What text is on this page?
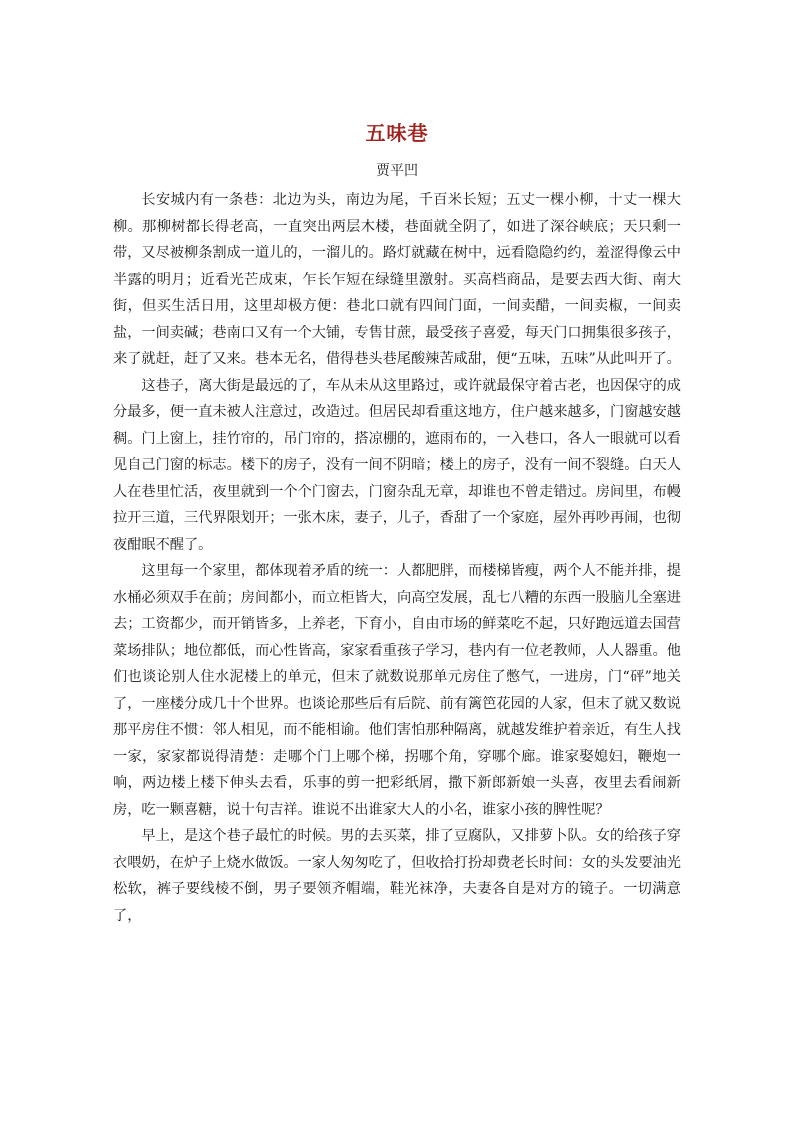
五味巷
贾平凹

长安城内有一条巷：北边为头，南边为尾，千百米长短；五丈一棵小柳，十丈一棵大柳。那柳树都长得老高，一直突出两层木楼，巷面就全阴了，如进了深谷峡底；天只剩一带，又尽被柳条割成一道儿的，一溜儿的。路灯就藏在树中，远看隐隐约约，羞涩得像云中半露的明月；近看光芒成束，乍长乍短在绿缝里激射。买高档商品，是要去西大街、南大街，但买生活日用，这里却极方便：巷北口就有四间门面，一间卖醋，一间卖椒，一间卖盐，一间卖碱；巷南口又有一个大铺，专售甘蔗，最受孩子喜爱，每天门口拥集很多孩子，来了就赶，赶了又来。巷本无名，借得巷头巷尾酸辣苦咸甜，便“五味，五味”从此叫开了。

这巷子，离大街是最远的了，车从未从这里路过，或许就最保守着古老，也因保守的成分最多，便一直未被人注意过，改造过。但居民却看重这地方，住户越来越多，门窗越安越稠。门上窗上，挂竹帘的，吊门帘的，搭凉棚的，遮雨布的，一入巷口，各人一眼就可以看见自己门窗的标志。楼下的房子，没有一间不阴暗；楼上的房子，没有一间不裂缝。白天人人在巷里忙活，夜里就到一个个门窗去，门窗杂乱无章，却谁也不曾走错过。房间里，布幔拉开三道，三代界限划开；一张木床，妻子，儿子，香甜了一个家庭，屋外再吵再闹，也彻夜酣眠不醒了。

这里每一个家里，都体现着矛盾的统一：人都肥胖，而楼梯皆瘦，两个人不能并排，提水桶必须双手在前；房间都小，而立柜皆大，向高空发展，乱七八糟的东西一股脑儿全塞进去；工资都少，而开销皆多，上养老，下育小，自由市场的鲜菜吃不起，只好跑远道去国营菜场排队；地位都低，而心性皆高，家家看重孩子学习，巷内有一位老教师，人人器重。他们也谈论别人住水泥楼上的单元，但末了就数说那单元房住了憋气，一进房，门“砰”地关了，一座楼分成几十个世界。也谈论那些后有后院、前有篱笆花园的人家，但末了就又数说那平房住不惯：邻人相见，而不能相谕。他们害怕那种隔离，就越发维护着亲近，有生人找一家，家家都说得清楚：走哪个门上哪个梯，拐哪个角，穿哪个廊。谁家娶媳妇，鞭炮一响，两边楼上楼下伸头去看，乐事的剪一把彩纸屑，撒下新郎新娘一头喜，夜里去看闹新房，吃一颗喜糖，说十句吉祥。谁说不出谁家大人的小名，谁家小孩的脾性呢？

早上，是这个巷子最忙的时候。男的去买菜，排了豆腐队，又排萝卜队。女的给孩子穿衣喂奶，在炉子上烧水做饭。一家人匆匆吃了，但收拾打扮却费老长时间：女的头发要油光松软，裤子要线棱不倒，男子要领齐帽端，鞋光袜净，夫妻各自是对方的镜子。一切满意了，
